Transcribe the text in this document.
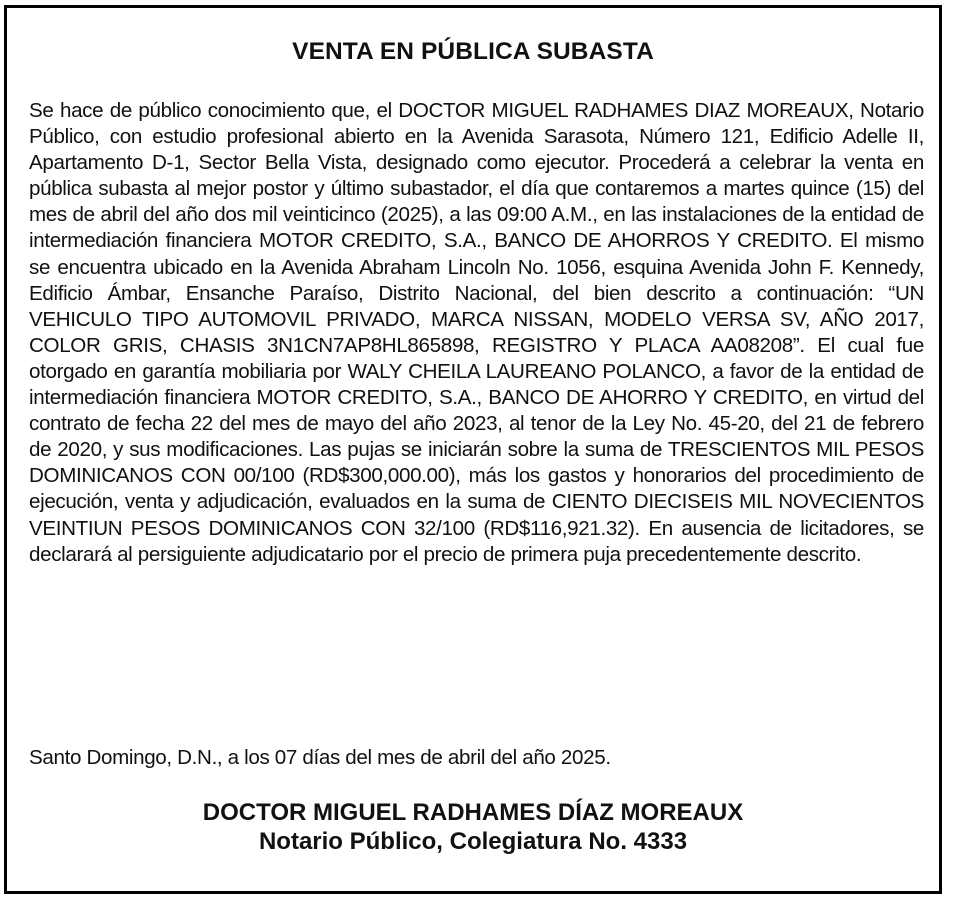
VENTA EN PÚBLICA SUBASTA

Se hace de público conocimiento que, el DOCTOR MIGUEL RADHAMES DIAZ MOREAUX, Notario Público, con estudio profesional abierto en la Avenida Sarasota, Número 121, Edificio Adelle II, Apartamento D-1, Sector Bella Vista, designado como ejecutor. Procederá a celebrar la venta en pública subasta al mejor postor y último subastador, el día que contaremos a martes quince (15) del mes de abril del año dos mil veinticinco (2025), a las 09:00 A.M., en las instalaciones de la entidad de intermediación financiera MOTOR CREDITO, S.A., BANCO DE AHORROS Y CREDITO. El mismo se encuentra ubicado en la Avenida Abraham Lincoln No. 1056, esquina Avenida John F. Kennedy, Edificio Ámbar, Ensanche Paraíso, Distrito Nacional, del bien descrito a continuación: “UN VEHICULO TIPO AUTOMOVIL PRIVADO, MARCA NISSAN, MODELO VERSA SV, AÑO 2017, COLOR GRIS, CHASIS 3N1CN7AP8HL865898, REGISTRO Y PLACA AA08208”. El cual fue otorgado en garantía mobiliaria por WALY CHEILA LAUREANO POLANCO, a favor de la entidad de intermediación financiera MOTOR CREDITO, S.A., BANCO DE AHORRO Y CREDITO, en virtud del contrato de fecha 22 del mes de mayo del año 2023, al tenor de la Ley No. 45-20, del 21 de febrero de 2020, y sus modificaciones. Las pujas se iniciarán sobre la suma de TRESCIENTOS MIL PESOS DOMINICANOS CON 00/100 (RD$300,000.00), más los gastos y honorarios del procedimiento de ejecución, venta y adjudicación, evaluados en la suma de CIENTO DIECISEIS MIL NOVECIENTOS VEINTIUN PESOS DOMINICANOS CON 32/100 (RD$116,921.32). En ausencia de licitadores, se declarará al persiguiente adjudicatario por el precio de primera puja precedentemente descrito.

Santo Domingo, D.N., a los 07 días del mes de abril del año 2025.

DOCTOR MIGUEL RADHAMES DÍAZ MOREAUX

Notario Público, Colegiatura No. 4333
